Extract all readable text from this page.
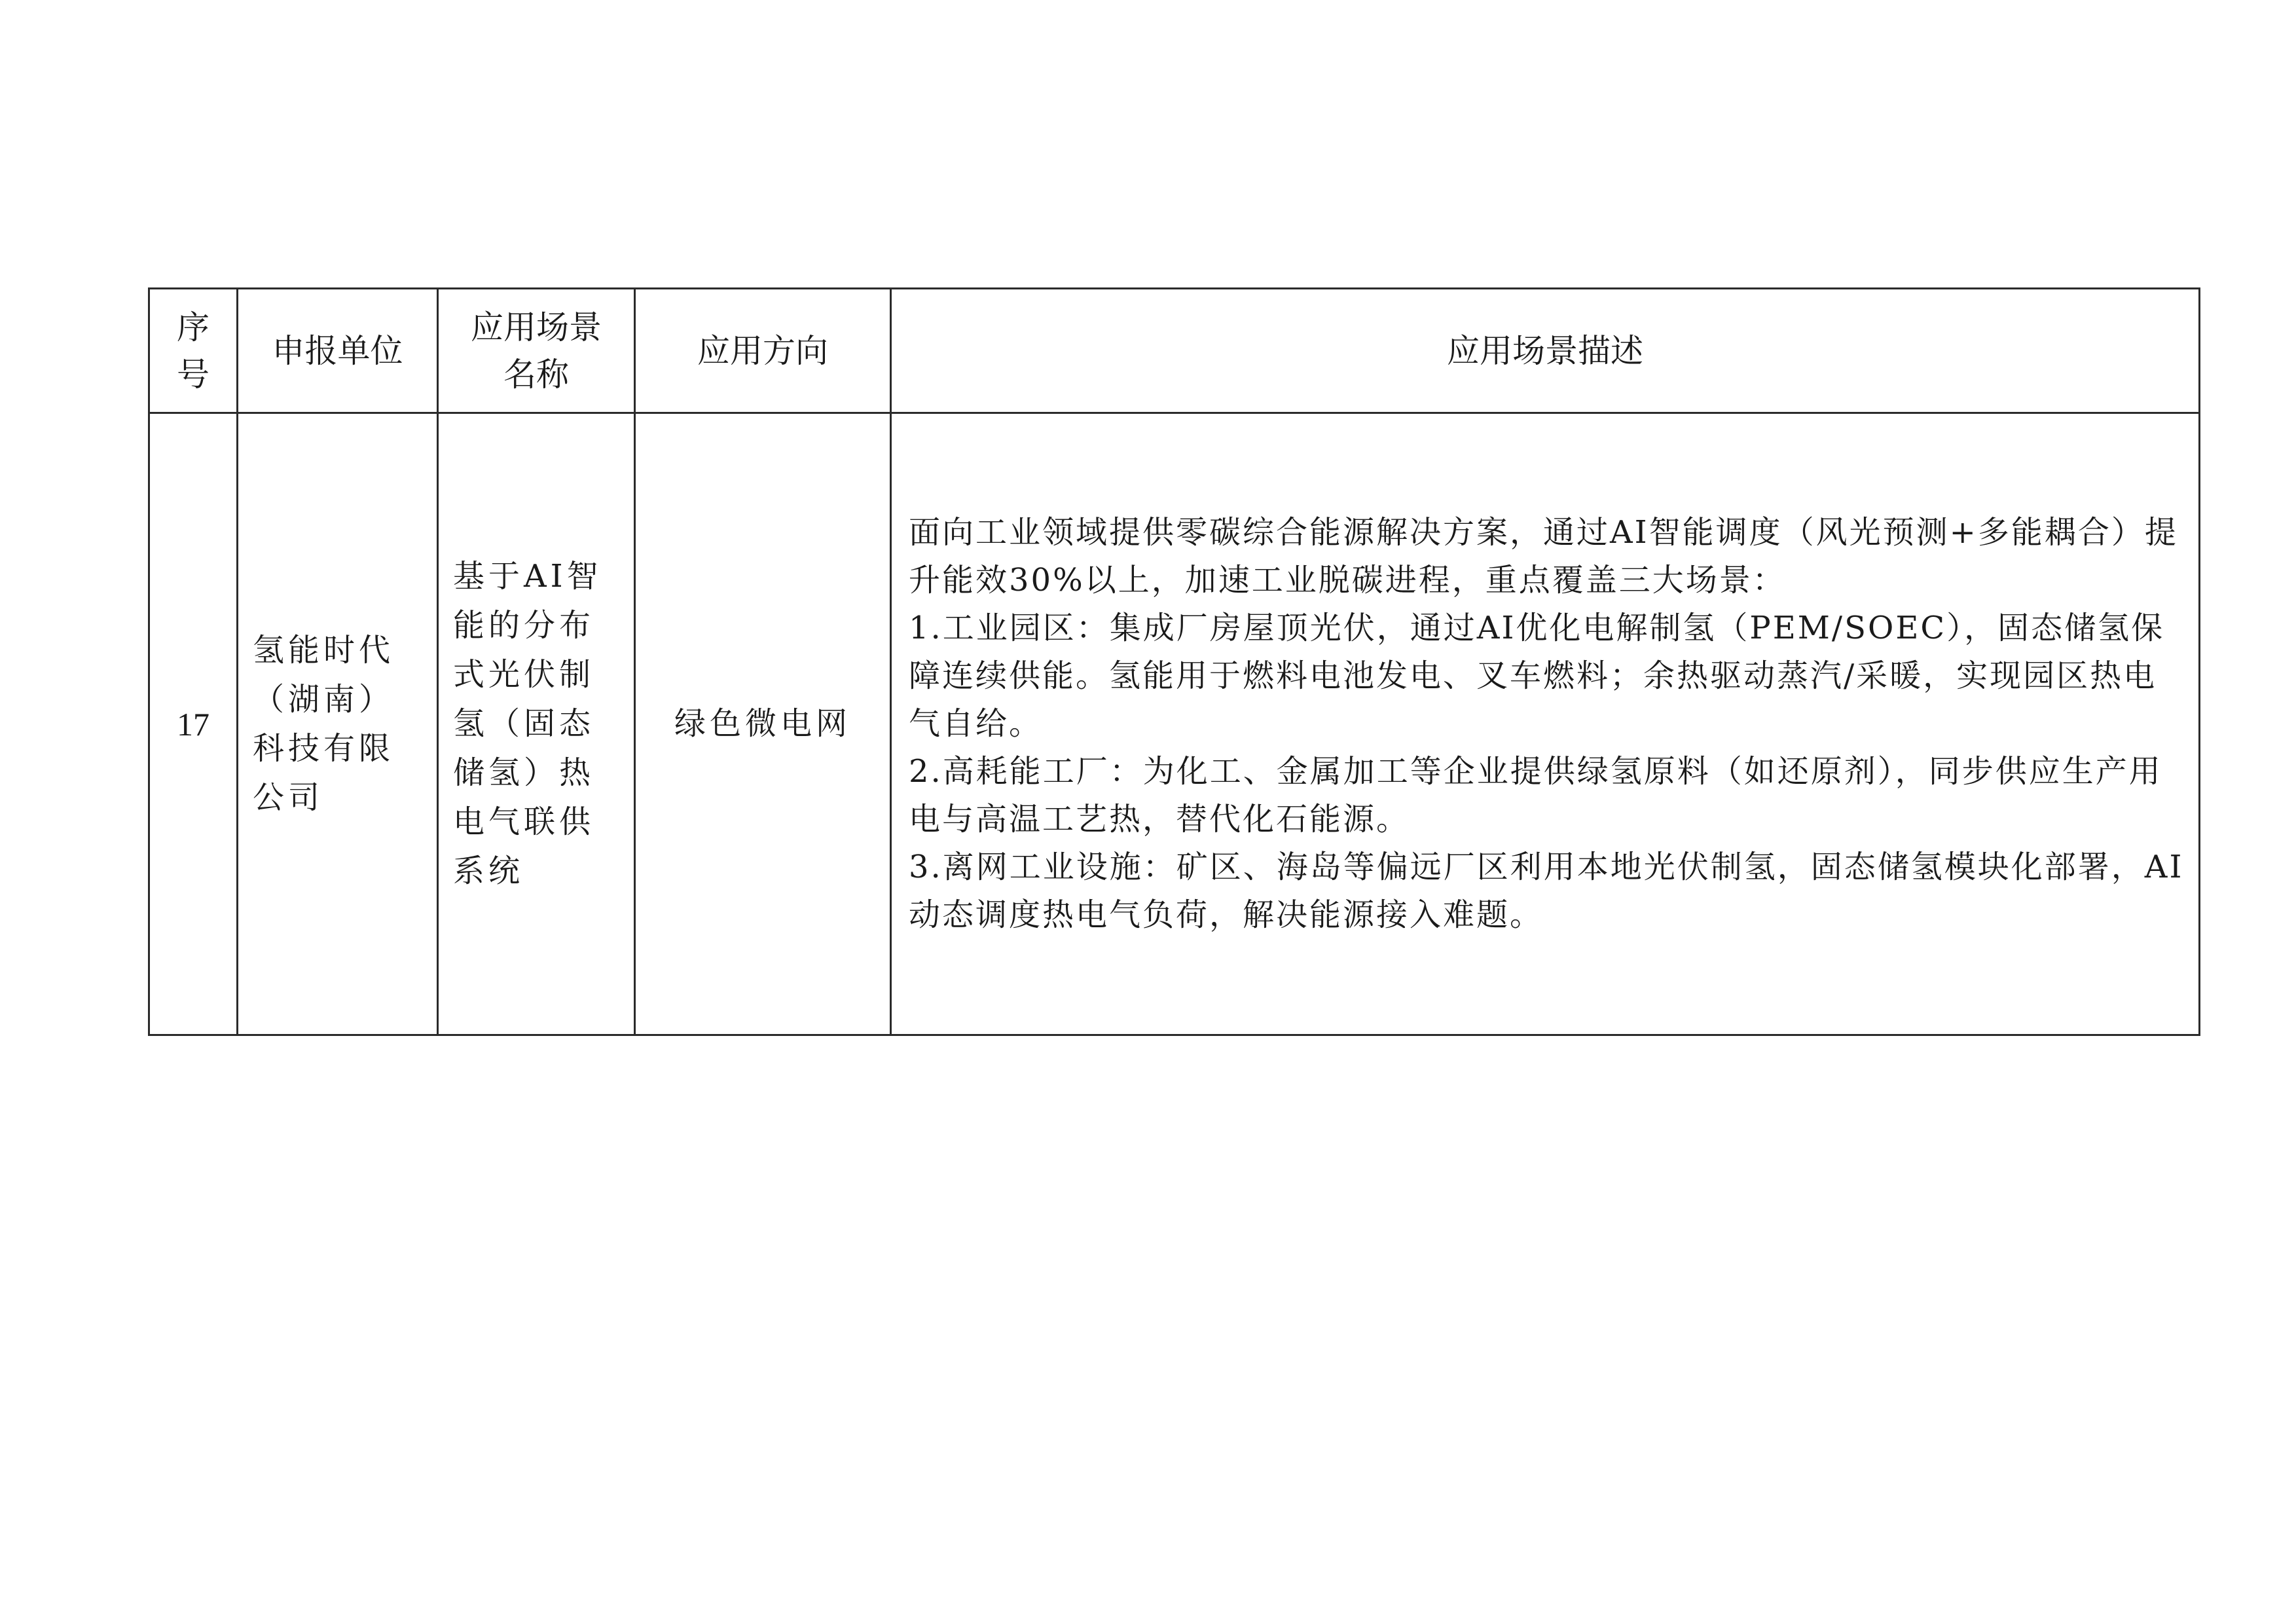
序号	申报单位	应用场景名称	应用方向	应用场景描述
17	氢能时代（湖南）科技有限公司	基于AI智能的分布式光伏制氢（固态储氢）热电气联供系统	绿色微电网	面向工业领域提供零碳综合能源解决方案，通过AI智能调度（风光预测+多能耦合）提升能效30%以上，加速工业脱碳进程，重点覆盖三大场景：
1.工业园区：集成厂房屋顶光伏，通过AI优化电解制氢（PEM/SOEC），固态储氢保障连续供能。氢能用于燃料电池发电、叉车燃料；余热驱动蒸汽/采暖，实现园区热电气自给。
2.高耗能工厂：为化工、金属加工等企业提供绿氢原料（如还原剂），同步供应生产用电与高温工艺热，替代化石能源。
3.离网工业设施：矿区、海岛等偏远厂区利用本地光伏制氢，固态储氢模块化部署，AI动态调度热电气负荷，解决能源接入难题。
